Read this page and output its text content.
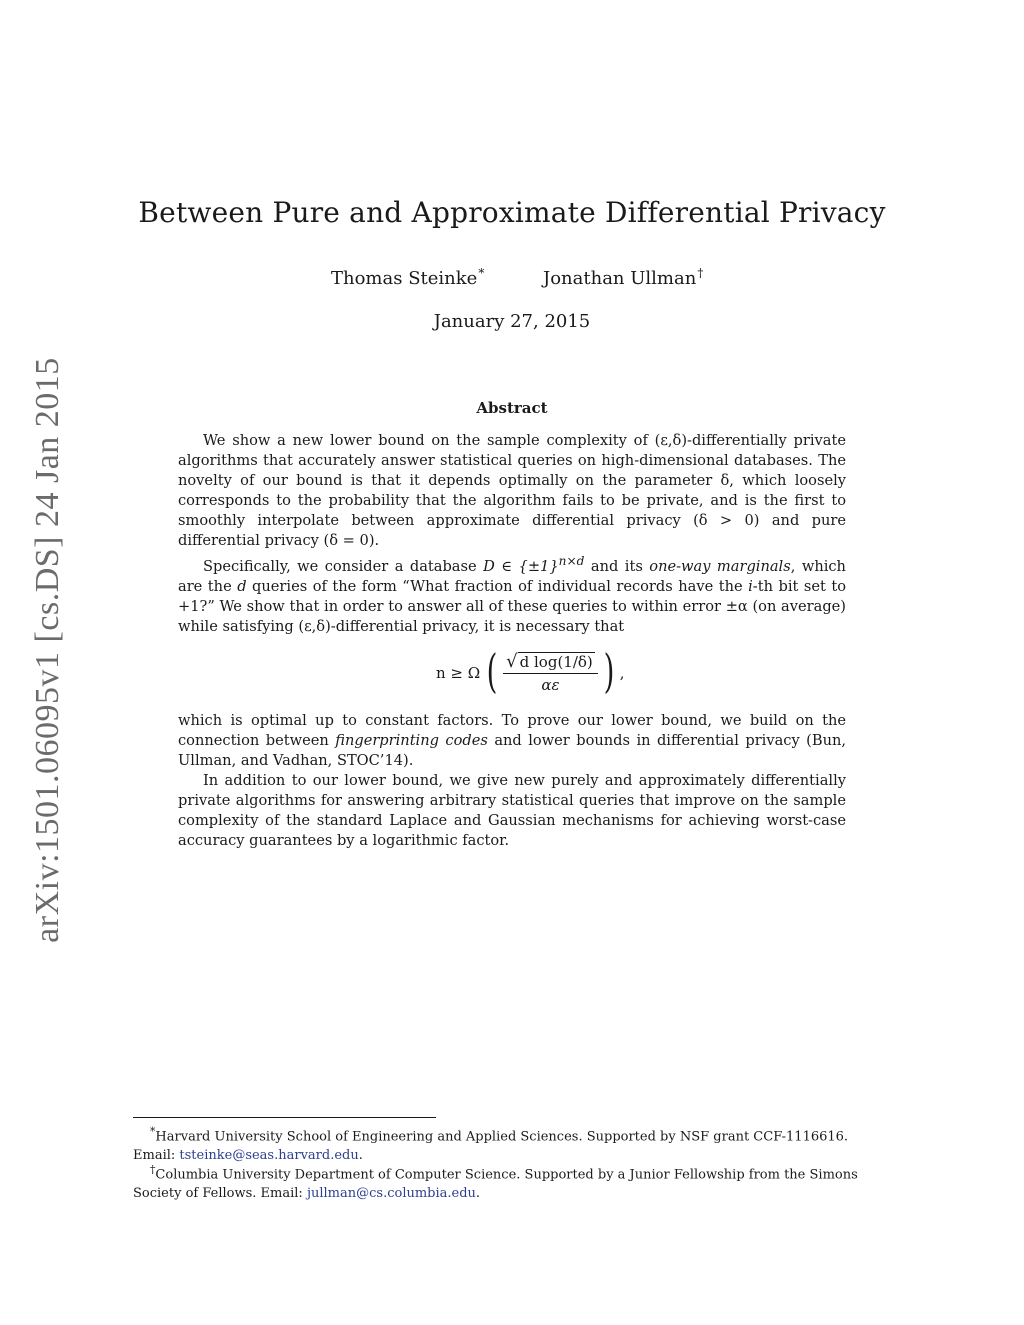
arXiv:1501.06095v1 [cs.DS] 24 Jan 2015
Between Pure and Approximate Differential Privacy
Thomas Steinke*	Jonathan Ullman†
January 27, 2015
Abstract

We show a new lower bound on the sample complexity of (ε,δ)-differentially private algorithms that accurately answer statistical queries on high-dimensional databases. The novelty of our bound is that it depends optimally on the parameter δ, which loosely corresponds to the probability that the algorithm fails to be private, and is the first to smoothly interpolate between approximate differential privacy (δ > 0) and pure differential privacy (δ = 0).

Specifically, we consider a database D ∈ $\{\pm 1\}^{n\times d}$ and its one-way marginals, which are the d queries of the form “What fraction of individual records have the i-th bit set to +1?” We show that in order to answer all of these queries to within error ±α (on average) while satisfying (ε,δ)-differential privacy, it is necessary that

n ≥ Ω ( $\frac{\text{√ d log(1/δ)}}{\alpha\varepsilon}$ ) ,

which is optimal up to constant factors. To prove our lower bound, we build on the connection between fingerprinting codes and lower bounds in differential privacy (Bun, Ullman, and Vadhan, STOC’14).

In addition to our lower bound, we give new purely and approximately differentially private algorithms for answering arbitrary statistical queries that improve on the sample complexity of the standard Laplace and Gaussian mechanisms for achieving worst-case accuracy guarantees by a logarithmic factor.

*Harvard University School of Engineering and Applied Sciences. Supported by NSF grant CCF-1116616. Email: tsteinke@seas.harvard.edu.

†Columbia University Department of Computer Science. Supported by a Junior Fellowship from the Simons Society of Fellows. Email: jullman@cs.columbia.edu.
